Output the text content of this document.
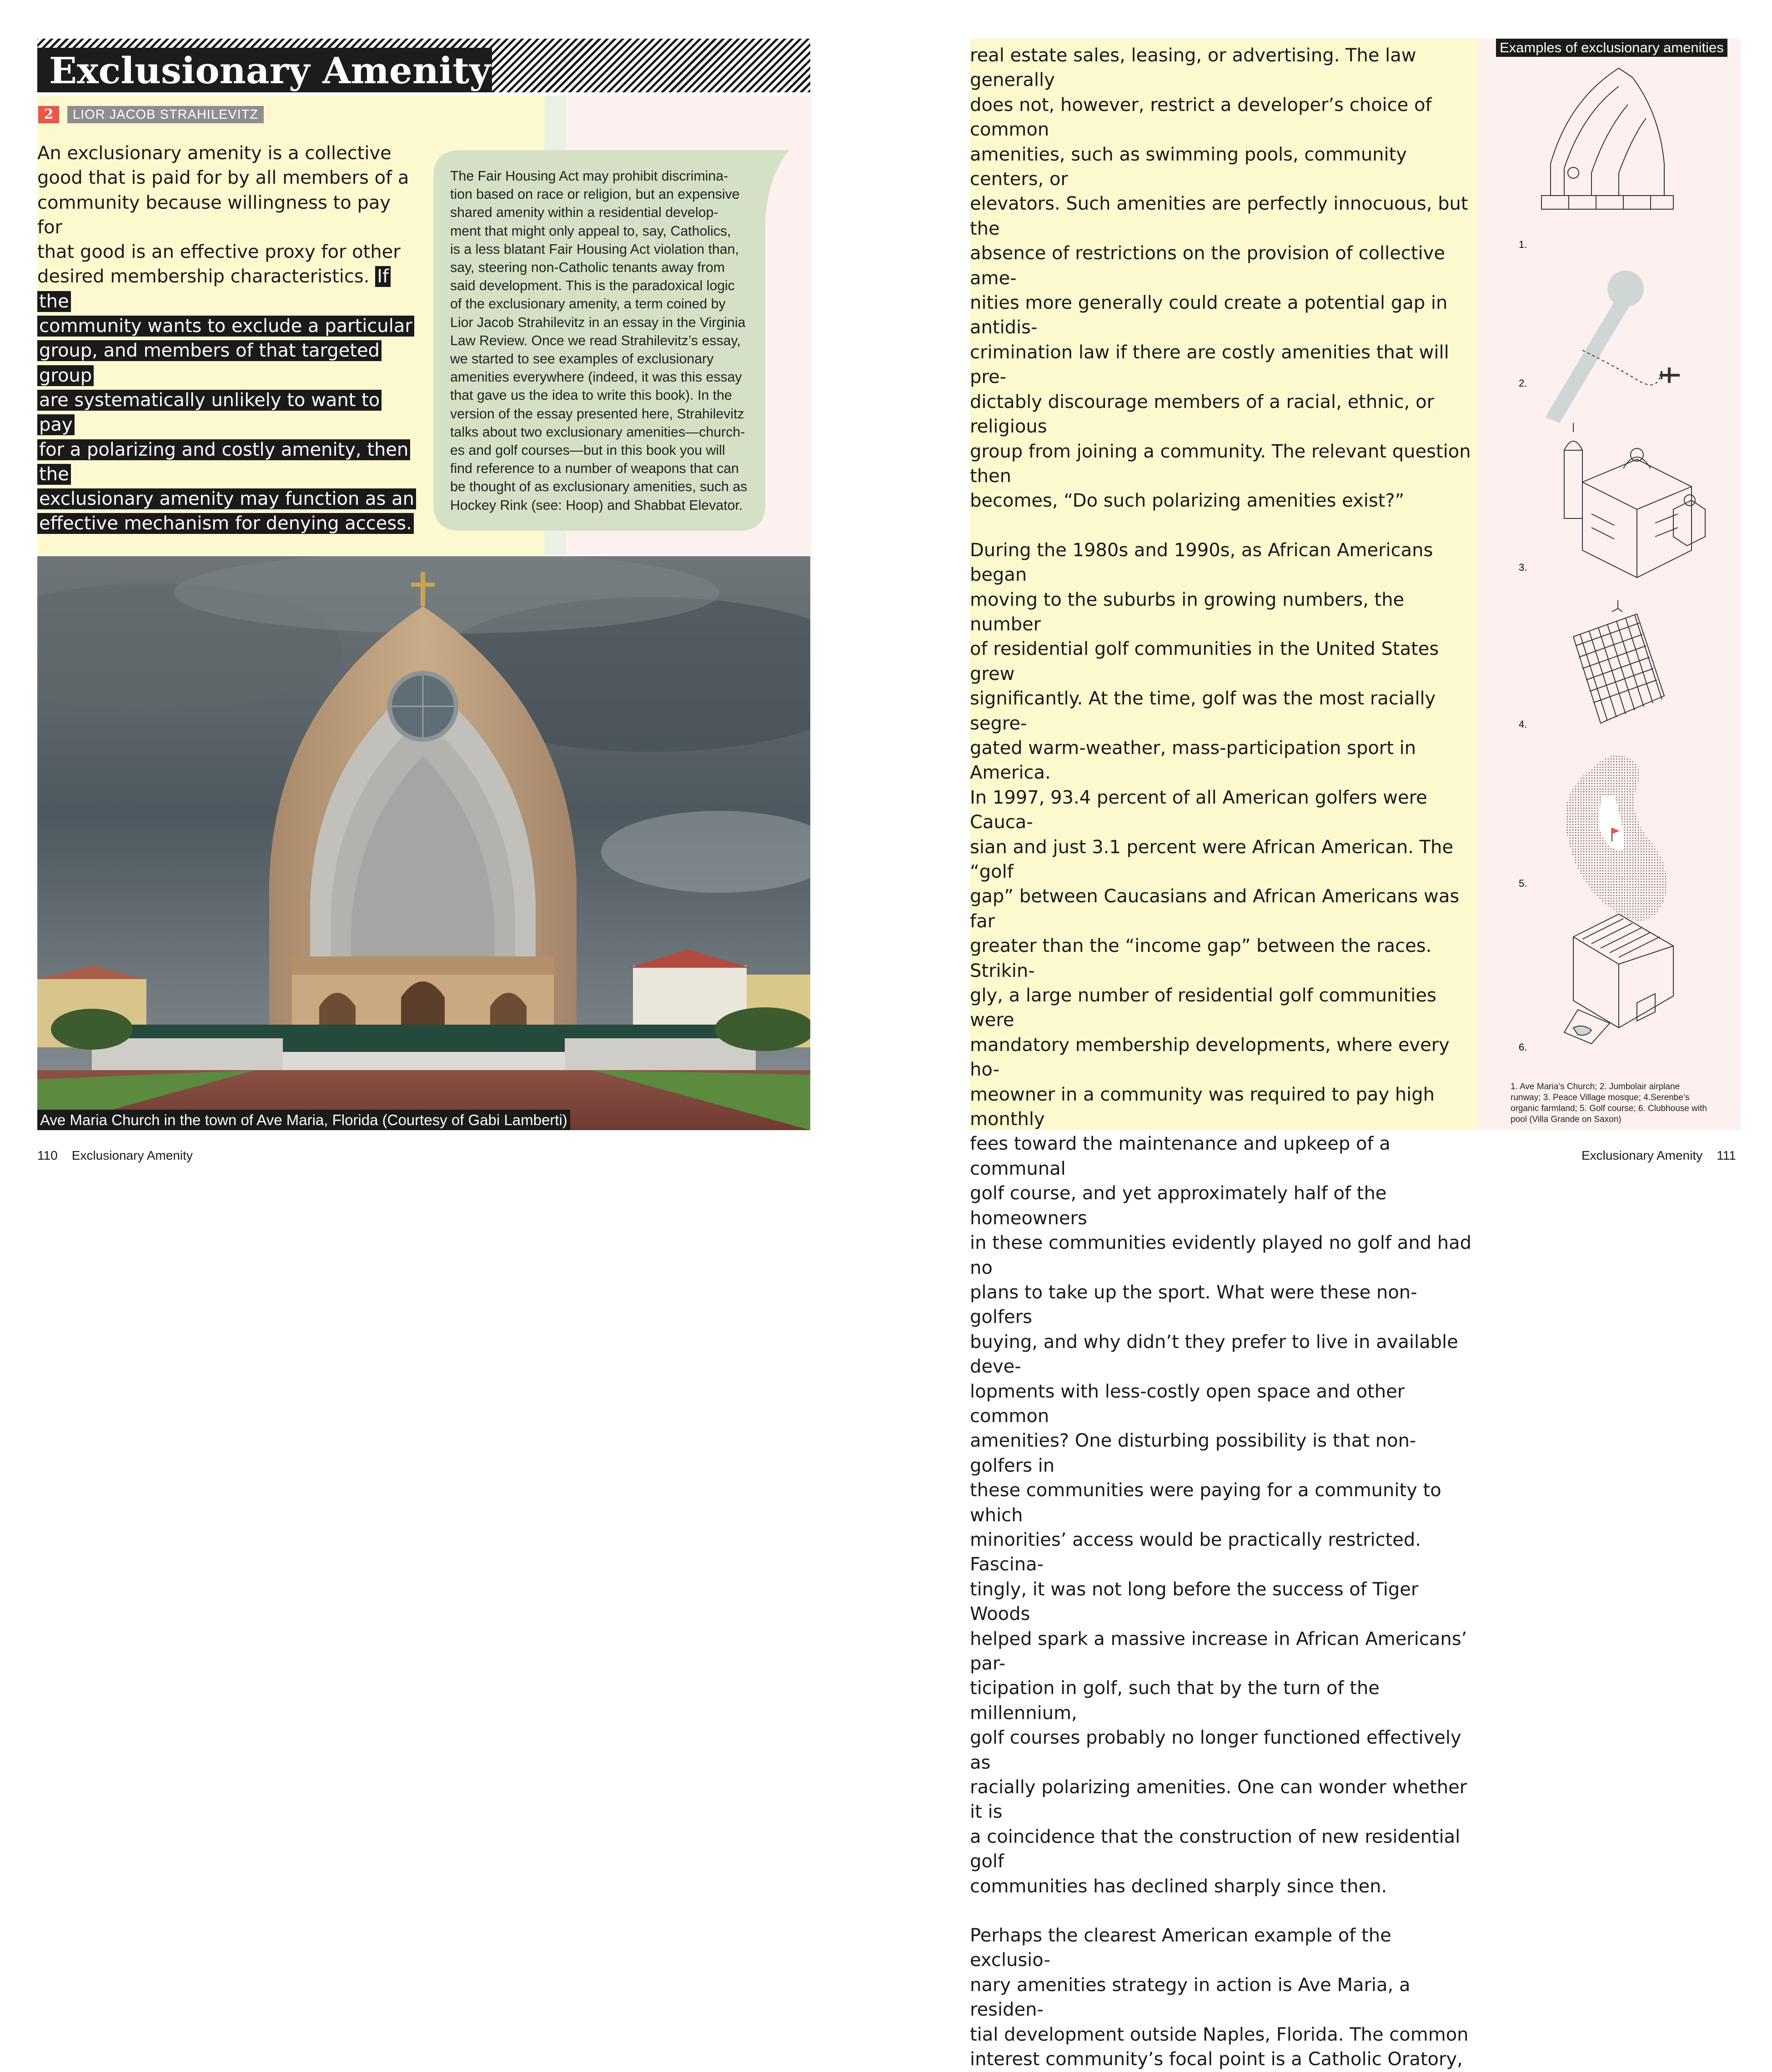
Exclusionary Amenity
2	LIOR JACOB STRAHILEVITZ

An exclusionary amenity is a collective
good that is paid for by all members of a
community because willingness to pay for
that good is an effective proxy for other
desired membership characteristics. If the
community wants to exclude a particular
group, and members of that targeted group
are systematically unlikely to want to pay
for a polarizing and costly amenity, then the
exclusionary amenity may function as an
effective mechanism for denying access.

The Fair Housing Act may prohibit discrimina-
tion based on race or religion, but an expensive
shared amenity within a residential develop-
ment that might only appeal to, say, Catholics,
is a less blatant Fair Housing Act violation than,
say, steering non-Catholic tenants away from
said development. This is the paradoxical logic
of the exclusionary amenity, a term coined by
Lior Jacob Strahilevitz in an essay in the Virginia
Law Review. Once we read Strahilevitz’s essay,
we started to see examples of exclusionary
amenities everywhere (indeed, it was this essay
that gave us the idea to write this book). In the
version of the essay presented here, Strahilevitz
talks about two exclusionary amenities—church-
es and golf courses—but in this book you will
find reference to a number of weapons that can
be thought of as exclusionary amenities, such as
Hockey Rink (see: Hoop) and Shabbat Elevator.
Ave Maria Church in the town of Ave Maria, Florida (Courtesy of Gabi Lamberti)
110 Exclusionary Amenity

real estate sales, leasing, or advertising. The law generally
does not, however, restrict a developer’s choice of common
amenities, such as swimming pools, community centers, or
elevators. Such amenities are perfectly innocuous, but the
absence of restrictions on the provision of collective ame-
nities more generally could create a potential gap in antidis-
crimination law if there are costly amenities that will pre-
dictably discourage members of a racial, ethnic, or religious
group from joining a community. The relevant question then
becomes, “Do such polarizing amenities exist?”

During the 1980s and 1990s, as African Americans began
moving to the suburbs in growing numbers, the number
of residential golf communities in the United States grew
significantly. At the time, golf was the most racially segre-
gated warm-weather, mass-participation sport in America.
In 1997, 93.4 percent of all American golfers were Cauca-
sian and just 3.1 percent were African American. The “golf
gap” between Caucasians and African Americans was far
greater than the “income gap” between the races. Strikin-
gly, a large number of residential golf communities were
mandatory membership developments, where every ho-
meowner in a community was required to pay high monthly
fees toward the maintenance and upkeep of a communal
golf course, and yet approximately half of the homeowners
in these communities evidently played no golf and had no
plans to take up the sport. What were these non-golfers
buying, and why didn’t they prefer to live in available deve-
lopments with less-costly open space and other common
amenities? One disturbing possibility is that non-golfers in
these communities were paying for a community to which
minorities’ access would be practically restricted. Fascina-
tingly, it was not long before the success of Tiger Woods
helped spark a massive increase in African Americans’ par-
ticipation in golf, such that by the turn of the millennium,
golf courses probably no longer functioned effectively as
racially polarizing amenities. One can wonder whether it is
a coincidence that the construction of new residential golf
communities has declined sharply since then.

Perhaps the clearest American example of the exclusio-
nary amenities strategy in action is Ave Maria, a residen-
tial development outside Naples, Florida. The common
interest community’s focal point is a Catholic Oratory,

Examples of exclusionary amenities
1.
2.
3.
4.
5.
6.
1. Ave Maria’s Church; 2. Jumbolair airplane
runway; 3. Peace Village mosque; 4.Serenbe’s
organic farmland; 5. Golf course; 6. Clubhouse with
pool (Villa Grande on Saxon)
Exclusionary Amenity 111
